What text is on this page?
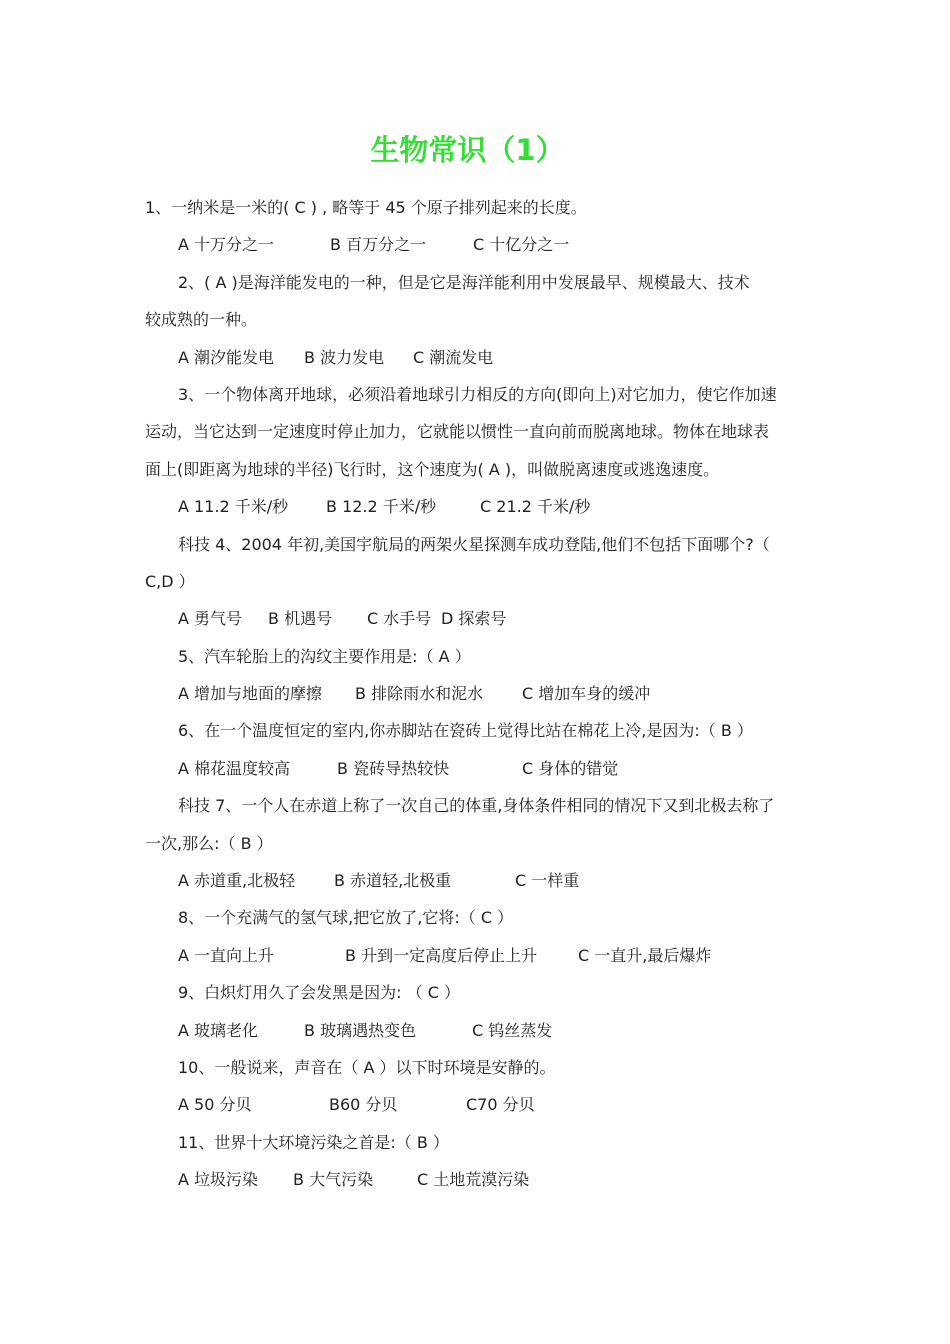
生物常识（1）
1、一纳米是一米的( C ) , 略等于 45 个原子排列起来的长度。
A 十万分之一	B 百万分之一	C 十亿分之一
2、( A )是海洋能发电的一种，但是它是海洋能利用中发展最早、规模最大、技术
较成熟的一种。
A 潮汐能发电 B 波力发电 C 潮流发电
3、一个物体离开地球，必须沿着地球引力相反的方向(即向上)对它加力，使它作加速
运动，当它达到一定速度时停止加力，它就能以惯性一直向前而脱离地球。物体在地球表
面上(即距离为地球的半径)飞行时，这个速度为( A )，叫做脱离速度或逃逸速度。
A 11.2 千米/秒 B 12.2 千米/秒	C 21.2 千米/秒
科技 4、2004 年初,美国宇航局的两架火星探测车成功登陆,他们不包括下面哪个?（
C,D ）
A 勇气号 B 机遇号 C 水手号 D 探索号
5、汽车轮胎上的沟纹主要作用是:（ A ）
A 增加与地面的摩擦 B 排除雨水和泥水 C 增加车身的缓冲
6、在一个温度恒定的室内,你赤脚站在瓷砖上觉得比站在棉花上冷,是因为:（ B ）
A 棉花温度较高	B 瓷砖导热较快	C 身体的错觉
科技 7、一个人在赤道上称了一次自己的体重,身体条件相同的情况下又到北极去称了
一次,那么:（ B ）
A 赤道重,北极轻 B 赤道轻,北极重	C 一样重
8、一个充满气的氢气球,把它放了,它将:（ C ）
A 一直向上升	B 升到一定高度后停止上升	C 一直升,最后爆炸
9、白炽灯用久了会发黑是因为: （ C ）
A 玻璃老化	B 玻璃遇热变色	C 钨丝蒸发
10、一般说来，声音在（ A ）以下时环境是安静的。
A 50 分贝	B60 分贝	C70 分贝
11、世界十大环境污染之首是:（ B ）
A 垃圾污染 B 大气污染	C 土地荒漠污染
